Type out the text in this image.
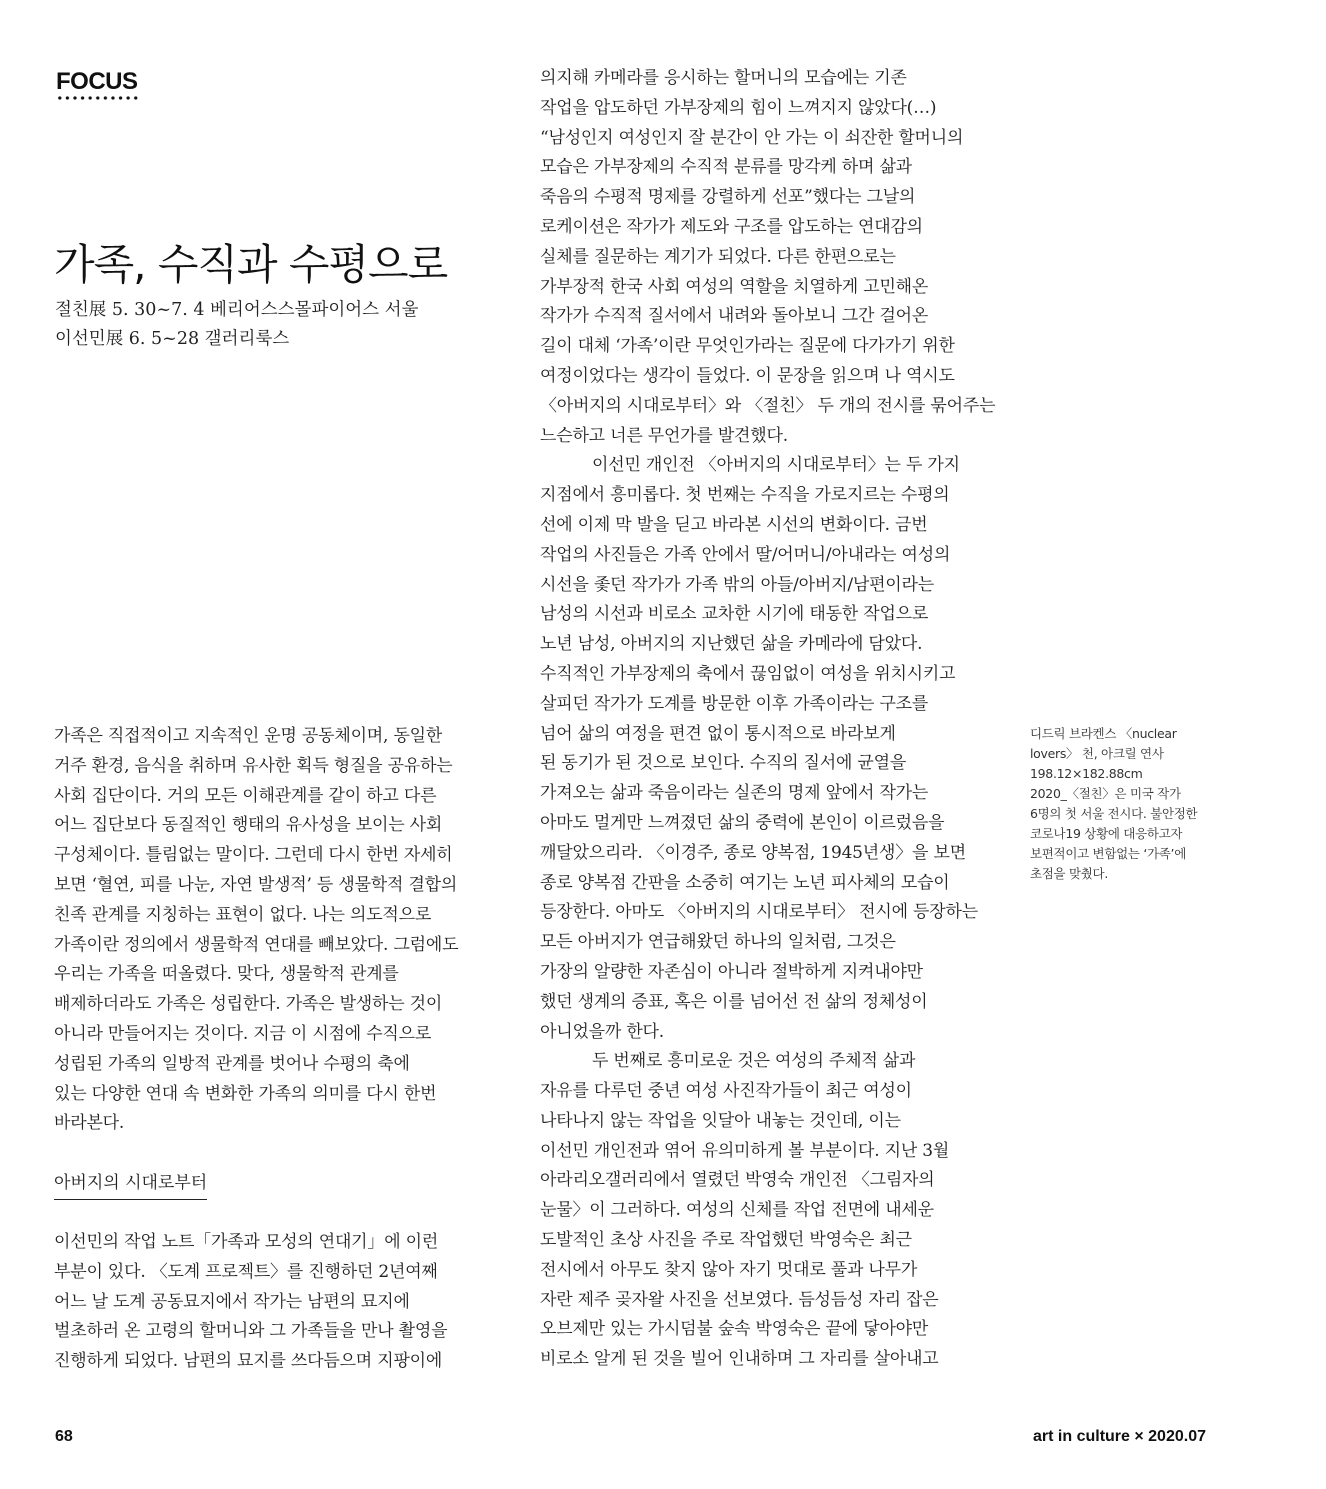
FOCUS
가족, 수직과 수평으로
절친展 5. 30~7. 4 베리어스스몰파이어스 서울
이선민展 6. 5~28 갤러리룩스
가족은 직접적이고 지속적인 운명 공동체이며, 동일한
거주 환경, 음식을 취하며 유사한 획득 형질을 공유하는
사회 집단이다. 거의 모든 이해관계를 같이 하고 다른
어느 집단보다 동질적인 행태의 유사성을 보이는 사회
구성체이다. 틀림없는 말이다. 그런데 다시 한번 자세히
보면 ‘혈연, 피를 나눈, 자연 발생적’ 등 생물학적 결합의
친족 관계를 지칭하는 표현이 없다. 나는 의도적으로
가족이란 정의에서 생물학적 연대를 빼보았다. 그럼에도
우리는 가족을 떠올렸다. 맞다, 생물학적 관계를
배제하더라도 가족은 성립한다. 가족은 발생하는 것이
아니라 만들어지는 것이다. 지금 이 시점에 수직으로
성립된 가족의 일방적 관계를 벗어나 수평의 축에
있는 다양한 연대 속 변화한 가족의 의미를 다시 한번
바라본다.
아버지의 시대로부터
이선민의 작업 노트「가족과 모성의 연대기」에 이런
부분이 있다. 〈도계 프로젝트〉를 진행하던 2년여째
어느 날 도계 공동묘지에서 작가는 남편의 묘지에
벌초하러 온 고령의 할머니와 그 가족들을 만나 촬영을
진행하게 되었다. 남편의 묘지를 쓰다듬으며 지팡이에
의지해 카메라를 응시하는 할머니의 모습에는 기존
작업을 압도하던 가부장제의 힘이 느껴지지 않았다(…)
“남성인지 여성인지 잘 분간이 안 가는 이 쇠잔한 할머니의
모습은 가부장제의 수직적 분류를 망각케 하며 삶과
죽음의 수평적 명제를 강렬하게 선포”했다는 그날의
로케이션은 작가가 제도와 구조를 압도하는 연대감의
실체를 질문하는 계기가 되었다. 다른 한편으로는
가부장적 한국 사회 여성의 역할을 치열하게 고민해온
작가가 수직적 질서에서 내려와 돌아보니 그간 걸어온
길이 대체 ‘가족’이란 무엇인가라는 질문에 다가가기 위한
여정이었다는 생각이 들었다. 이 문장을 읽으며 나 역시도
〈아버지의 시대로부터〉와 〈절친〉 두 개의 전시를 묶어주는
느슨하고 너른 무언가를 발견했다.
이선민 개인전 〈아버지의 시대로부터〉는 두 가지
지점에서 흥미롭다. 첫 번째는 수직을 가로지르는 수평의
선에 이제 막 발을 딛고 바라본 시선의 변화이다. 금번
작업의 사진들은 가족 안에서 딸/어머니/아내라는 여성의
시선을 좇던 작가가 가족 밖의 아들/아버지/남편이라는
남성의 시선과 비로소 교차한 시기에 태동한 작업으로
노년 남성, 아버지의 지난했던 삶을 카메라에 담았다.
수직적인 가부장제의 축에서 끊임없이 여성을 위치시키고
살피던 작가가 도계를 방문한 이후 가족이라는 구조를
넘어 삶의 여정을 편견 없이 통시적으로 바라보게
된 동기가 된 것으로 보인다. 수직의 질서에 균열을
가져오는 삶과 죽음이라는 실존의 명제 앞에서 작가는
아마도 멀게만 느껴졌던 삶의 중력에 본인이 이르렀음을
깨달았으리라. 〈이경주, 종로 양복점, 1945년생〉을 보면
종로 양복점 간판을 소중히 여기는 노년 피사체의 모습이
등장한다. 아마도 〈아버지의 시대로부터〉 전시에 등장하는
모든 아버지가 연급해왔던 하나의 일처럼, 그것은
가장의 알량한 자존심이 아니라 절박하게 지켜내야만
했던 생계의 증표, 혹은 이를 넘어선 전 삶의 정체성이
아니었을까 한다.
두 번째로 흥미로운 것은 여성의 주체적 삶과
자유를 다루던 중년 여성 사진작가들이 최근 여성이
나타나지 않는 작업을 잇달아 내놓는 것인데, 이는
이선민 개인전과 엮어 유의미하게 볼 부분이다. 지난 3월
아라리오갤러리에서 열렸던 박영숙 개인전 〈그림자의
눈물〉이 그러하다. 여성의 신체를 작업 전면에 내세운
도발적인 초상 사진을 주로 작업했던 박영숙은 최근
전시에서 아무도 찾지 않아 자기 멋대로 풀과 나무가
자란 제주 곶자왈 사진을 선보였다. 듬성듬성 자리 잡은
오브제만 있는 가시덤불 숲속 박영숙은 끝에 닿아야만
비로소 알게 된 것을 빌어 인내하며 그 자리를 살아내고
디드릭 브라켄스 〈nuclear
lovers〉 천, 아크릴 연사
198.12×182.88cm
2020_〈절친〉은 미국 작가
6명의 첫 서울 전시다. 불안정한
코로나19 상황에 대응하고자
보편적이고 변함없는 ‘가족’에
초점을 맞췄다.
68	art in culture × 2020.07
